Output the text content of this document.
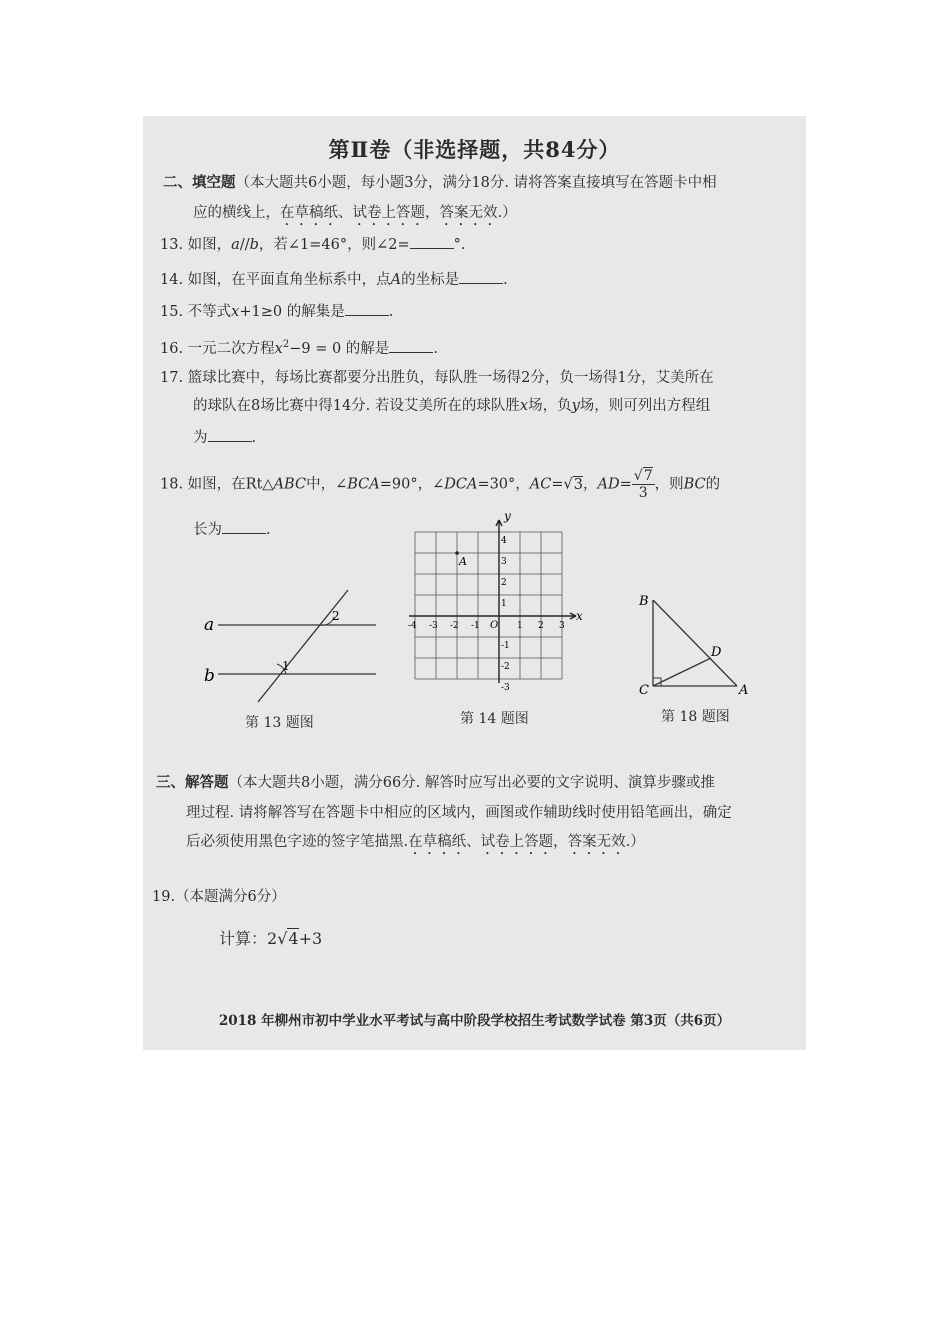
第Ⅱ卷（非选择题，共84分）
二、填空题（本大题共6小题，每小题3分，满分18分. 请将答案直接填写在答题卡中相
应的横线上，在草稿纸、试卷上答题，答案无效.）
13. 如图，a//b，若∠1=46°，则∠2=	°.
14. 如图，在平面直角坐标系中，点A的坐标是	.
15. 不等式x+1≥0 的解集是	.
16. 一元二次方程$x^2-9 = 0$ 的解是	.
17. 篮球比赛中，每场比赛都要分出胜负，每队胜一场得2分，负一场得1分，艾美所在
的球队在8场比赛中得14分. 若设艾美所在的球队胜x场，负y场，则可列出方程组
为	.
18. 如图，在Rt△ABC中，∠BCA=90°，∠DCA=30°，AC=√3，$AD= \frac{√7}{3}$ ，则BC的
长为	.
a
b	1
2
第 13 题图
-4 -3 -2 -1	1 2 3
4
3
2
1
-1
-2
-3
A
O
x
y
第 14 题图
B
C	A
D
第 18 题图
三、解答题（本大题共8小题，满分66分. 解答时应写出必要的文字说明、演算步骤或推
理过程. 请将解答写在答题卡中相应的区域内，画图或作辅助线时使用铅笔画出，确定
后必须使用黑色字迹的签字笔描黑.在草稿纸、试卷上答题，答案无效.）
19.（本题满分6分）
计算：2√4+3
2018 年柳州市初中学业水平考试与高中阶段学校招生考试数学试卷 第3页（共6页）
